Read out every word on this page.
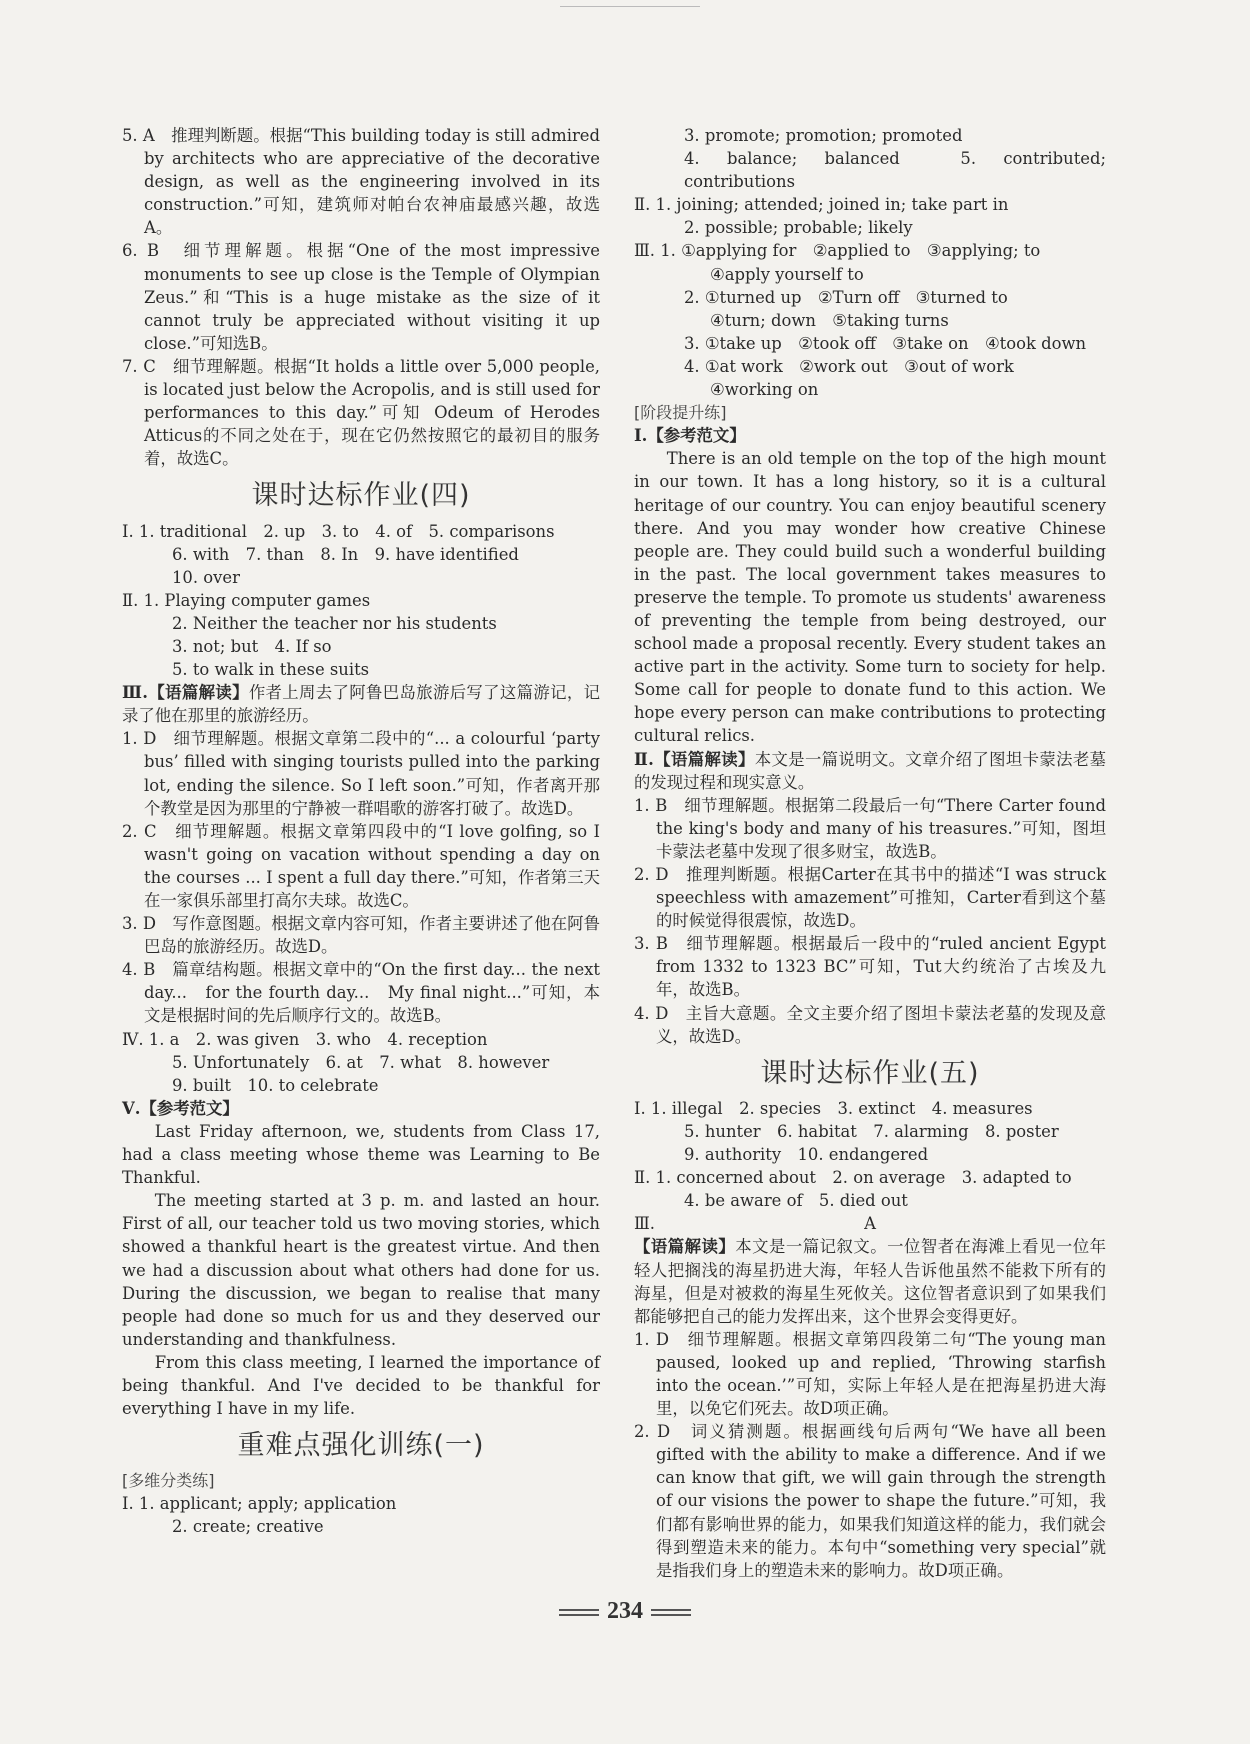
5. A　推理判断题。根据“This building today is still admired by architects who are appreciative of the decorative design, as well as the engineering involved in its construction.”可知，建筑师对帕台农神庙最感兴趣，故选A。

6. B　细节理解题。根据“One of the most impressive monuments to see up close is the Temple of Olympian Zeus.”和“This is a huge mistake as the size of it cannot truly be appreciated without visiting it up close.”可知选B。

7. C　细节理解题。根据“It holds a little over 5,000 people, is located just below the Acropolis, and is still used for performances to this day.”可知 Odeum of Herodes Atticus的不同之处在于，现在它仍然按照它的最初目的服务着，故选C。

课时达标作业(四)

Ⅰ. 1. traditional　2. up　3. to　4. of　5. comparisons

6. with　7. than　8. In　9. have identified

10. over

Ⅱ. 1. Playing computer games

2. Neither the teacher nor his students

3. not; but　4. If so

5. to walk in these suits

Ⅲ.【语篇解读】作者上周去了阿鲁巴岛旅游后写了这篇游记，记录了他在那里的旅游经历。

1. D　细节理解题。根据文章第二段中的“... a colourful ‘party bus’ filled with singing tourists pulled into the parking lot, ending the silence. So I left soon.”可知，作者离开那个教堂是因为那里的宁静被一群唱歌的游客打破了。故选D。

2. C　细节理解题。根据文章第四段中的“I love golfing, so I wasn't going on vacation without spending a day on the courses ... I spent a full day there.”可知，作者第三天在一家俱乐部里打高尔夫球。故选C。

3. D　写作意图题。根据文章内容可知，作者主要讲述了他在阿鲁巴岛的旅游经历。故选D。

4. B　篇章结构题。根据文章中的“On the first day... the next day...　for the fourth day...　My final night...”可知，本文是根据时间的先后顺序行文的。故选B。

Ⅳ. 1. a　2. was given　3. who　4. reception

5. Unfortunately　6. at　7. what　8. however

9. built　10. to celebrate

Ⅴ.【参考范文】

Last Friday afternoon, we, students from Class 17, had a class meeting whose theme was Learning to Be Thankful.

The meeting started at 3 p. m. and lasted an hour. First of all, our teacher told us two moving stories, which showed a thankful heart is the greatest virtue. And then we had a discussion about what others had done for us. During the discussion, we began to realise that many people had done so much for us and they deserved our understanding and thankfulness.

From this class meeting, I learned the importance of being thankful. And I've decided to be thankful for everything I have in my life.

重难点强化训练(一)

[多维分类练]

Ⅰ. 1. applicant; apply; application

2. create; creative

3. promote; promotion; promoted

4. balance; balanced　5. contributed; contributions

Ⅱ. 1. joining; attended; joined in; take part in

2. possible; probable; likely

Ⅲ. 1. ①applying for　②applied to　③applying; to

④apply yourself to

2. ①turned up　②Turn off　③turned to

④turn; down　⑤taking turns

3. ①take up　②took off　③take on　④took down

4. ①at work　②work out　③out of work

④working on

[阶段提升练]

Ⅰ.【参考范文】

There is an old temple on the top of the high mount in our town. It has a long history, so it is a cultural heritage of our country. You can enjoy beautiful scenery there. And you may wonder how creative Chinese people are. They could build such a wonderful building in the past. The local government takes measures to preserve the temple. To promote us students' awareness of preventing the temple from being destroyed, our school made a proposal recently. Every student takes an active part in the activity. Some turn to society for help. Some call for people to donate fund to this action. We hope every person can make contributions to protecting cultural relics.

Ⅱ.【语篇解读】本文是一篇说明文。文章介绍了图坦卡蒙法老墓的发现过程和现实意义。

1. B　细节理解题。根据第二段最后一句“There Carter found the king's body and many of his treasures.”可知，图坦卡蒙法老墓中发现了很多财宝，故选B。

2. D　推理判断题。根据Carter在其书中的描述“I was struck speechless with amazement”可推知，Carter看到这个墓的时候觉得很震惊，故选D。

3. B　细节理解题。根据最后一段中的“ruled ancient Egypt from 1332 to 1323 BC”可知，Tut大约统治了古埃及九年，故选B。

4. D　主旨大意题。全文主要介绍了图坦卡蒙法老墓的发现及意义，故选D。

课时达标作业(五)

Ⅰ. 1. illegal　2. species　3. extinct　4. measures

5. hunter　6. habitat　7. alarming　8. poster

9. authority　10. endangered

Ⅱ. 1. concerned about　2. on average　3. adapted to

4. be aware of　5. died out

Ⅲ.	A

【语篇解读】本文是一篇记叙文。一位智者在海滩上看见一位年轻人把搁浅的海星扔进大海，年轻人告诉他虽然不能救下所有的海星，但是对被救的海星生死攸关。这位智者意识到了如果我们都能够把自己的能力发挥出来，这个世界会变得更好。

1. D　细节理解题。根据文章第四段第二句“The young man paused, looked up and replied, ‘Throwing starfish into the ocean.’”可知，实际上年轻人是在把海星扔进大海里，以免它们死去。故D项正确。

2. D　词义猜测题。根据画线句后两句“We have all been gifted with the ability to make a difference. And if we can know that gift, we will gain through the strength of our visions the power to shape the future.”可知，我们都有影响世界的能力，如果我们知道这样的能力，我们就会得到塑造未来的能力。本句中“something very special”就是指我们身上的塑造未来的影响力。故D项正确。

234
